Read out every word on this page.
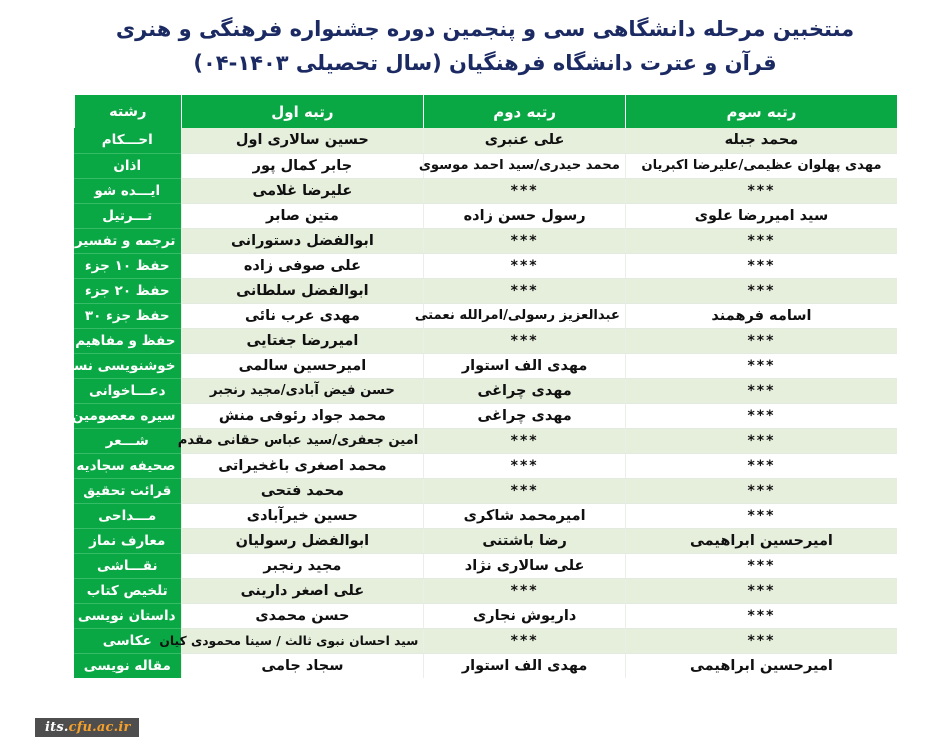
منتخبین مرحله دانشگاهی سی و پنجمین دوره جشنواره فرهنگی و هنری
قرآن و عترت دانشگاه فرهنگیان (سال تحصیلی ۱۴۰۳-۰۴)
رتبه سوم	رتبه دوم	رتبه اول	رشته
محمد جبله	علی عنبری	حسین سالاری اول	احـــکام
مهدی پهلوان عظیمی/علیرضا اکبریان	محمد حیدری/سید احمد موسوی	جابر کمال پور	اذان
***	***	علیرضا غلامی	ایـــده شو
سید امیررضا علوی	رسول حسن زاده	متین صابر	تـــرتیل
***	***	ابوالفضل دستورانی	ترجمه و تفسیر قرآن کریم
***	***	علی صوفی زاده	حفظ ۱۰ جزء
***	***	ابوالفضل سلطانی	حفظ ۲۰ جزء
اسامه فرهمند	عبدالعزیز رسولی/امرالله نعمتی	مهدی عرب نائی	حفظ جزء ۳۰
***	***	امیررضا جغتایی	حفظ و مفاهیم قرآن کریم
***	مهدی الف استوار	امیرحسین سالمی	خوشنویسی نستعلیق
***	مهدی چراغی	حسن فیض آبادی/مجید رنجبر	دعـــاخوانی
***	مهدی چراغی	محمد جواد رئوفی منش	سیره معصومین (ع)
***	***	امین جعفری/سید عباس حقانی مقدم	شـــعر
***	***	محمد اصغری باغخیراتی	صحیفه سجادیه
***	***	محمد فتحی	قرائت تحقیق
***	امیرمحمد شاکری	حسین خیرآبادی	مـــداحی
امیرحسین ابراهیمی	رضا باشتنی	ابوالفضل رسولیان	معارف نماز
***	علی سالاری نژاد	مجید رنجبر	نقـــاشی
***	***	علی اصغر دارینی	تلخیص کتاب
***	داریوش نجاری	حسن محمدی	داستان نویسی
***	***	سید احسان نبوی ثالث / سینا محمودی کیان	عکاسی
امیرحسین ابراهیمی	مهدی الف استوار	سجاد جامی	مقاله نویسی
its.cfu.ac.ir
